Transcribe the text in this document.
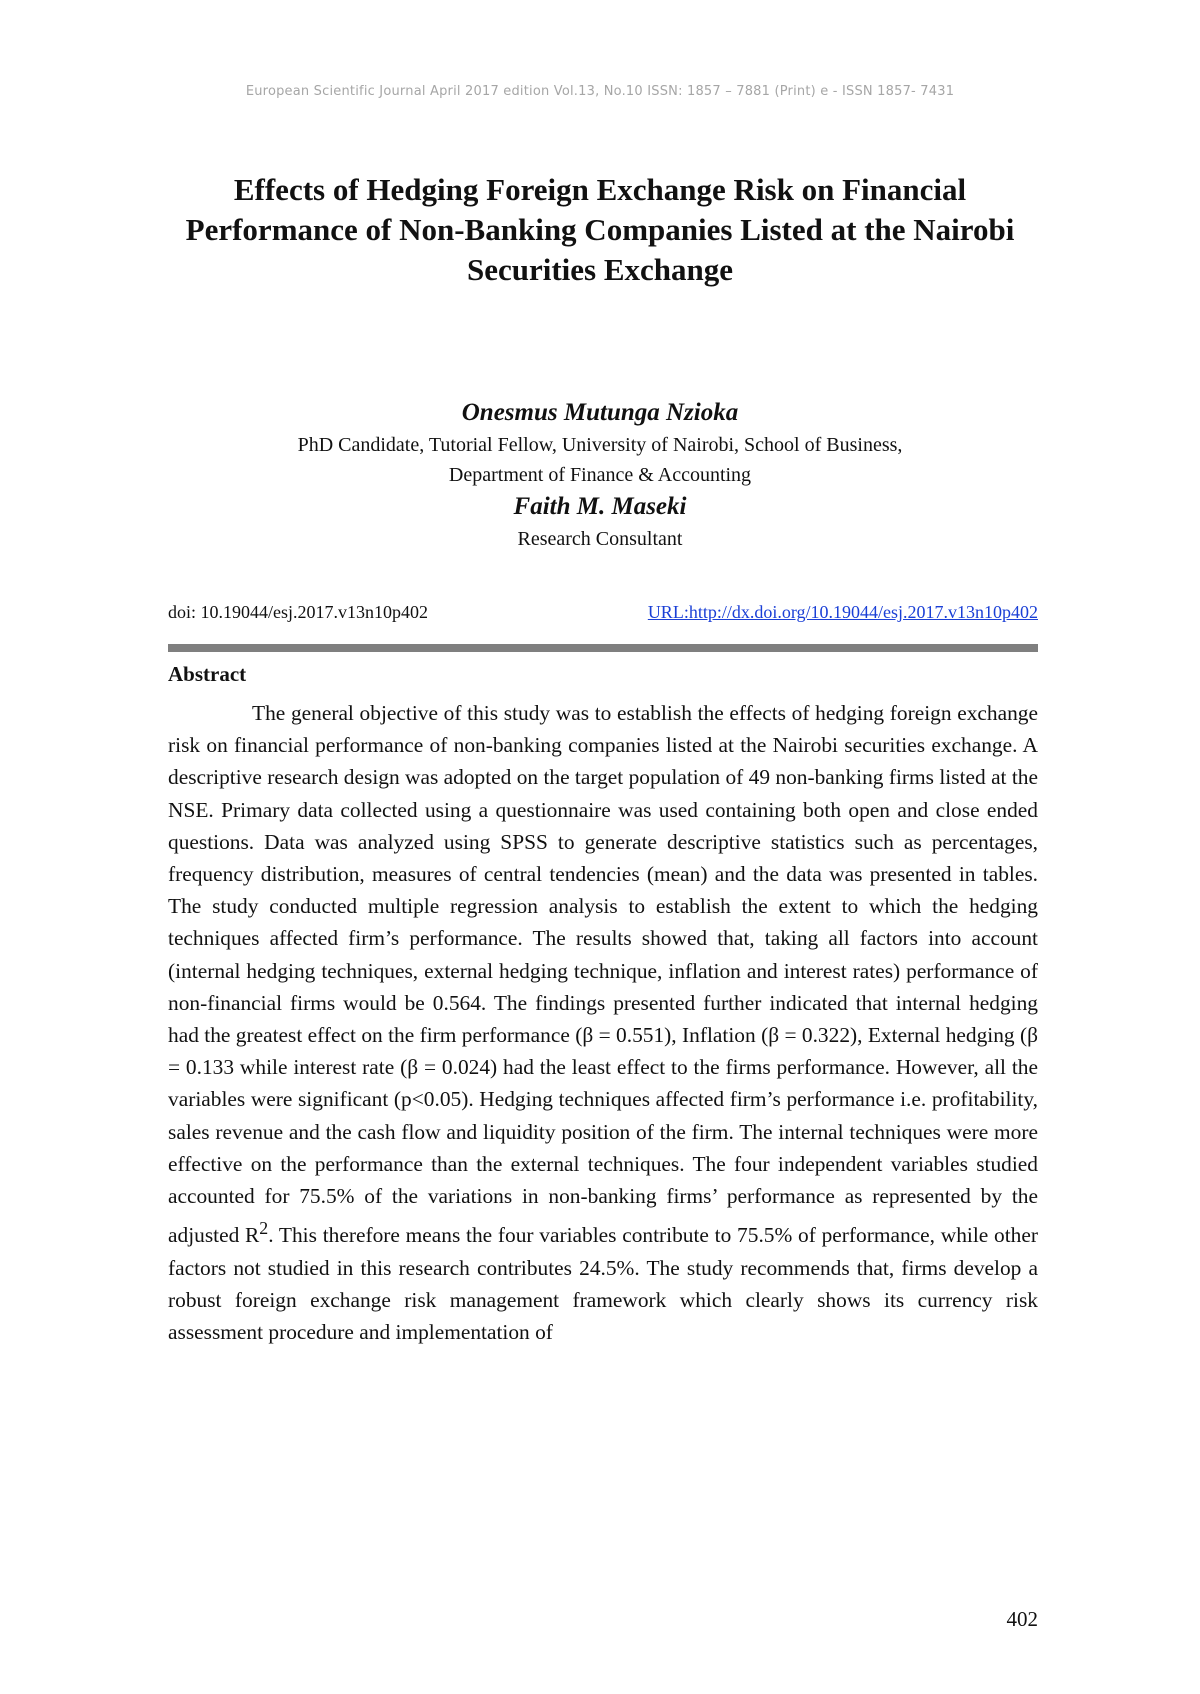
European Scientific Journal April 2017 edition Vol.13, No.10 ISSN: 1857 – 7881 (Print) e - ISSN 1857- 7431
Effects of Hedging Foreign Exchange Risk on Financial Performance of Non-Banking Companies Listed at the Nairobi Securities Exchange
Onesmus Mutunga Nzioka
PhD Candidate, Tutorial Fellow, University of Nairobi, School of Business,
Department of Finance & Accounting
Faith M. Maseki
Research Consultant
doi: 10.19044/esj.2017.v13n10p402	URL:http://dx.doi.org/10.19044/esj.2017.v13n10p402
Abstract

The general objective of this study was to establish the effects of hedging foreign exchange risk on financial performance of non-banking companies listed at the Nairobi securities exchange. A descriptive research design was adopted on the target population of 49 non-banking firms listed at the NSE. Primary data collected using a questionnaire was used containing both open and close ended questions. Data was analyzed using SPSS to generate descriptive statistics such as percentages, frequency distribution, measures of central tendencies (mean) and the data was presented in tables. The study conducted multiple regression analysis to establish the extent to which the hedging techniques affected firm’s performance. The results showed that, taking all factors into account (internal hedging techniques, external hedging technique, inflation and interest rates) performance of non-financial firms would be 0.564. The findings presented further indicated that internal hedging had the greatest effect on the firm performance (β = 0.551), Inflation (β = 0.322), External hedging (β = 0.133 while interest rate (β = 0.024) had the least effect to the firms performance. However, all the variables were significant (p<0.05). Hedging techniques affected firm’s performance i.e. profitability, sales revenue and the cash flow and liquidity position of the firm. The internal techniques were more effective on the performance than the external techniques. The four independent variables studied accounted for 75.5% of the variations in non-banking firms’ performance as represented by the adjusted $R^2$. This therefore means the four variables contribute to 75.5% of performance, while other factors not studied in this research contributes 24.5%. The study recommends that, firms develop a robust foreign exchange risk management framework which clearly shows its currency risk assessment procedure and implementation of

402
